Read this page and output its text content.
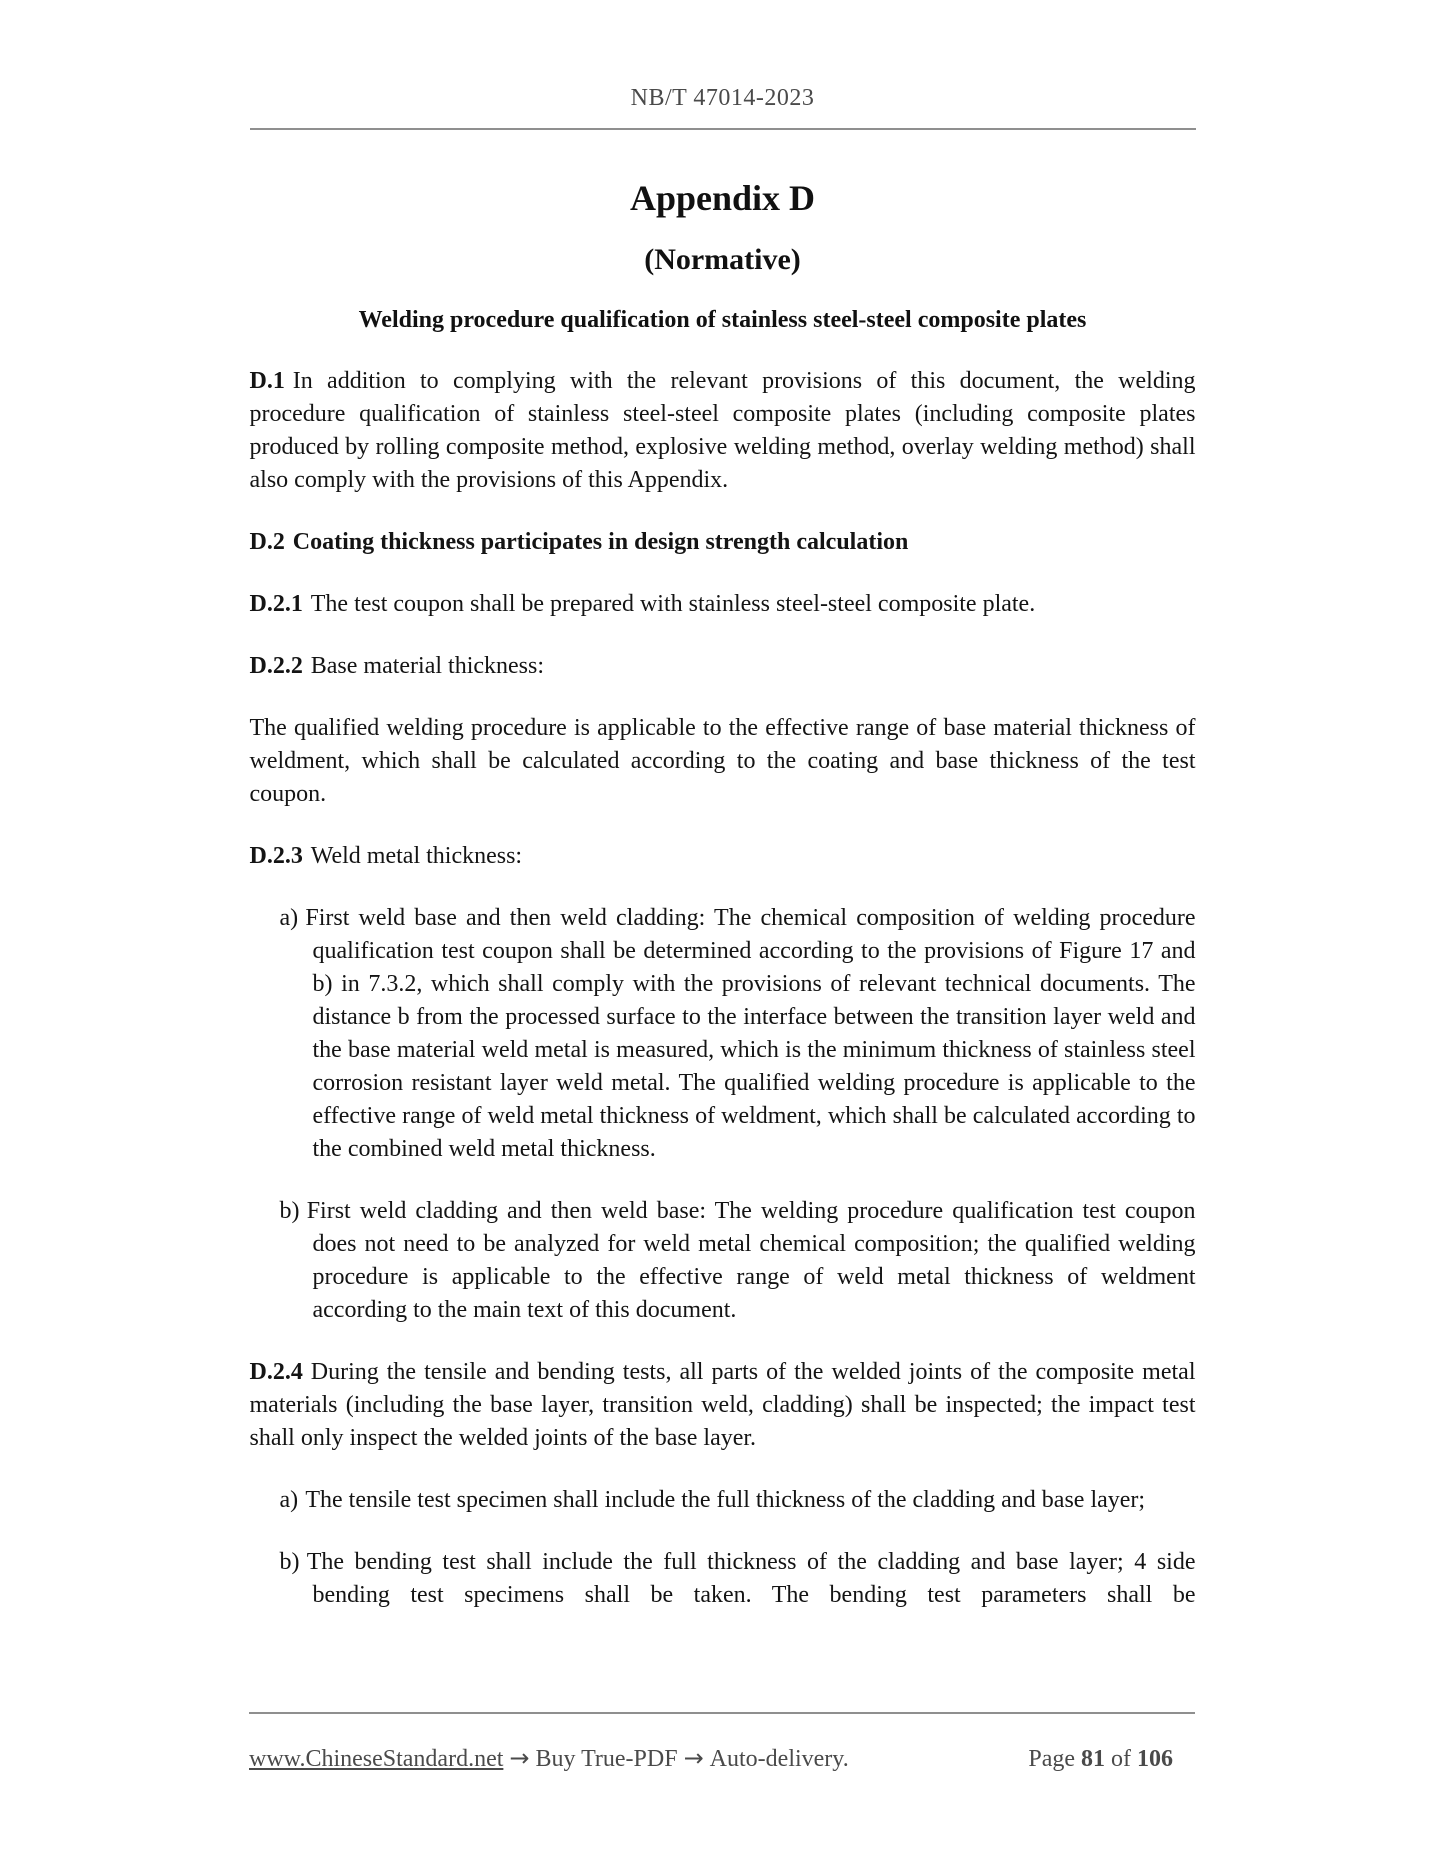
NB/T 47014-2023
Appendix D
(Normative)
Welding procedure qualification of stainless steel-steel composite plates

D.1 In addition to complying with the relevant provisions of this document, the welding procedure qualification of stainless steel-steel composite plates (including composite plates produced by rolling composite method, explosive welding method, overlay welding method) shall also comply with the provisions of this Appendix.

D.2 Coating thickness participates in design strength calculation

D.2.1 The test coupon shall be prepared with stainless steel-steel composite plate.

D.2.2 Base material thickness:

The qualified welding procedure is applicable to the effective range of base material thickness of weldment, which shall be calculated according to the coating and base thickness of the test coupon.

D.2.3 Weld metal thickness:

a) First weld base and then weld cladding: The chemical composition of welding procedure qualification test coupon shall be determined according to the provisions of Figure 17 and b) in 7.3.2, which shall comply with the provisions of relevant technical documents. The distance b from the processed surface to the interface between the transition layer weld and the base material weld metal is measured, which is the minimum thickness of stainless steel corrosion resistant layer weld metal. The qualified welding procedure is applicable to the effective range of weld metal thickness of weldment, which shall be calculated according to the combined weld metal thickness.
b) First weld cladding and then weld base: The welding procedure qualification test coupon does not need to be analyzed for weld metal chemical composition; the qualified welding procedure is applicable to the effective range of weld metal thickness of weldment according to the main text of this document.

D.2.4 During the tensile and bending tests, all parts of the welded joints of the composite metal materials (including the base layer, transition weld, cladding) shall be inspected; the impact test shall only inspect the welded joints of the base layer.

a) The tensile test specimen shall include the full thickness of the cladding and base layer;
b) The bending test shall include the full thickness of the cladding and base layer; 4 side bending test specimens shall be taken. The bending test parameters shall be
www.ChineseStandard.net → Buy True-PDF → Auto-delivery.	Page 81 of 106
